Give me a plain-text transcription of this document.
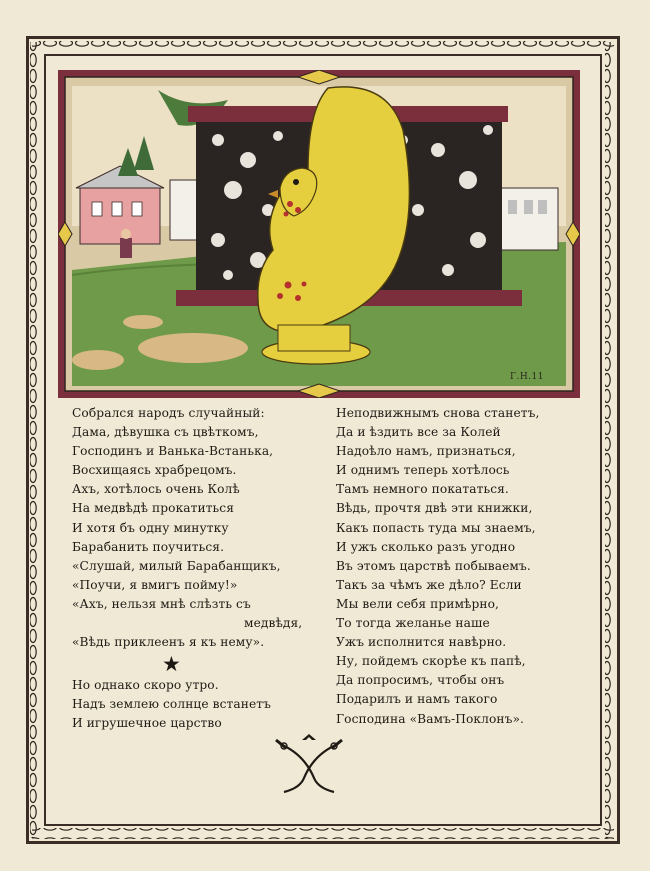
Г.Н.11
Собрался народъ случайный:
Дама, дѣвушка съ цвѣткомъ,
Господинъ и Ванька-Встанька,
Восхищаясь храбрецомъ.
Ахъ, хотѣлось очень Колѣ
На медвѣдѣ прокатиться
И хотя бъ одну минутку
Барабанить поучиться.
«Слушай, милый Барабанщикъ,
«Поучи, я вмигъ пойму!»
«Ахъ, нельзя мнѣ слѣзть съ
медвѣдя,
«Вѣдь приклеенъ я къ нему».
★
Но однако скоро утро.
Надъ землею солнце встанетъ
И игрушечное царство
Неподвижнымъ снова станетъ,
Да и ѣздить все за Колей
Надоѣло намъ, признаться,
И однимъ теперь хотѣлось
Тамъ немного покататься.
Вѣдь, прочтя двѣ эти книжки,
Какъ попасть туда мы знаемъ,
И ужъ сколько разъ угодно
Въ этомъ царствѣ побываемъ.
Такъ за чѣмъ же дѣло? Если
Мы вели себя примѣрно,
То тогда желанье наше
Ужъ исполнится навѣрно.
Ну, пойдемъ скорѣе къ папѣ,
Да попросимъ, чтобы онъ
Подарилъ и намъ такого
Господина «Вамъ-Поклонъ».
